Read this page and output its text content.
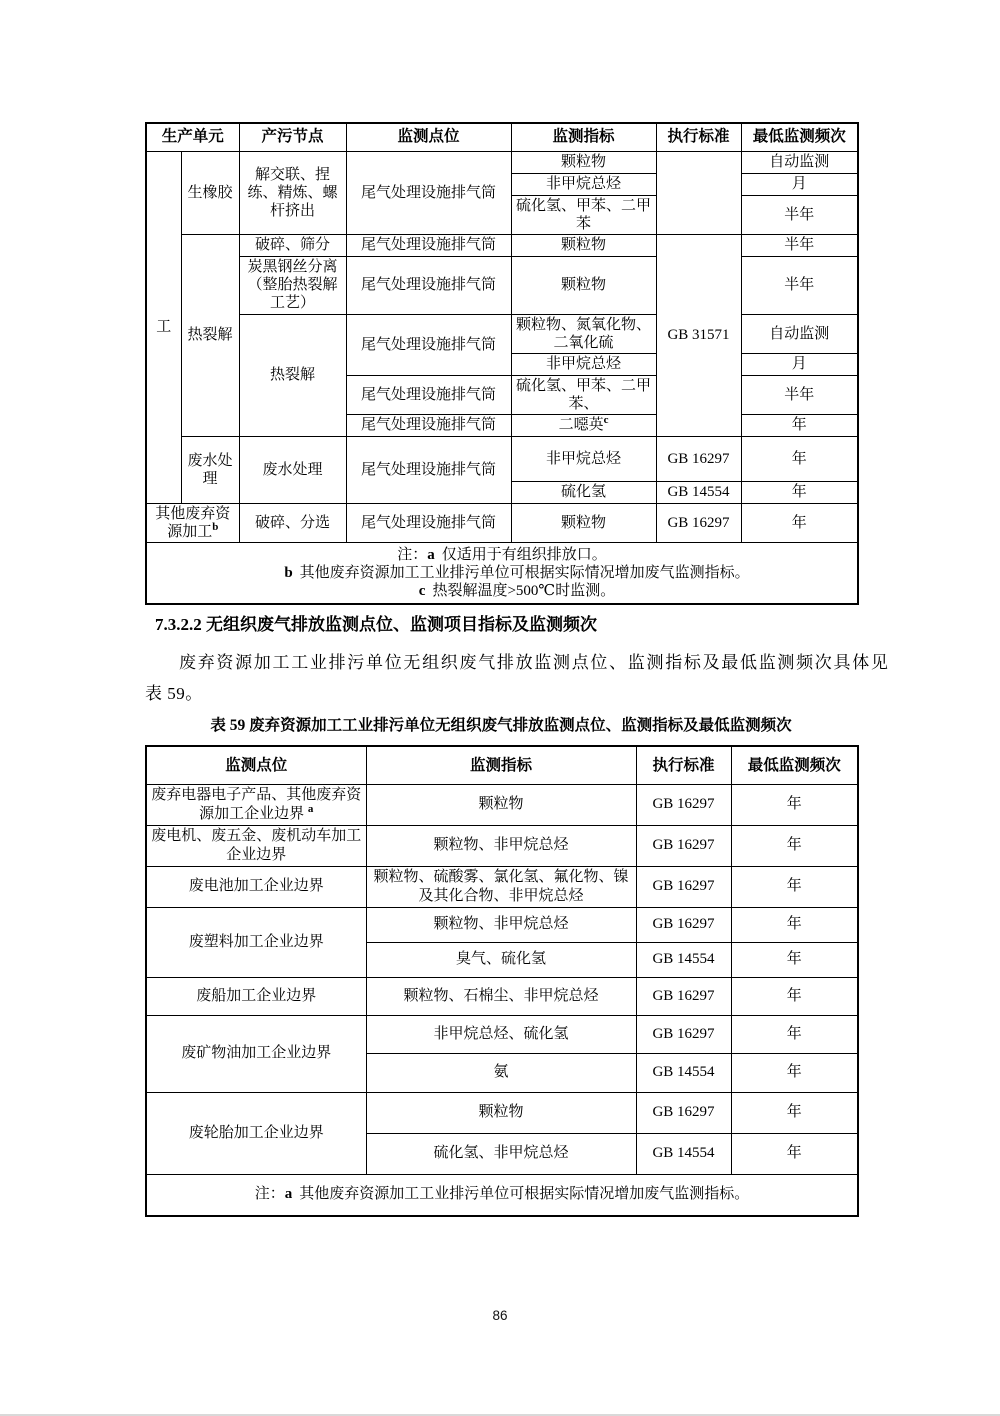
生产单元		产污节点	监测点位	监测指标	执行标准	最低监测频次
工	生橡胶	解交联、捏练、精炼、螺杆挤出	尾气处理设施排气筒	颗粒物		自动监测
				非甲烷总烃		月
				硫化氢、甲苯、二甲苯		半年
	热裂解	破碎、筛分	尾气处理设施排气筒	颗粒物	GB 31571	半年
		炭黑钢丝分离（整胎热裂解工艺）	尾气处理设施排气筒	颗粒物		半年
		热裂解	尾气处理设施排气筒	颗粒物、氮氧化物、二氧化硫		自动监测
				非甲烷总烃		月
			尾气处理设施排气筒	硫化氢、甲苯、二甲苯、		半年
			尾气处理设施排气筒	二噁英$^c$		年
	废水处理	废水处理	尾气处理设施排气筒	非甲烷总烃	GB 16297	年
				硫化氢	GB 14554	年
其他废弃资源加工$^b$		破碎、分选	尾气处理设施排气筒	颗粒物	GB 16297	年

注：a 仅适用于有组织排放口。
b 其他废弃资源加工工业排污单位可根据实际情况增加废气监测指标。
c 热裂解温度>500℃时监测。						
7.3.2.2 无组织废气排放监测点位、监测项目指标及监测频次
废弃资源加工工业排污单位无组织废气排放监测点位、监测指标及最低监测频次具体见
表 59。
表 59 废弃资源加工工业排污单位无组织废气排放监测点位、监测指标及最低监测频次
监测点位	监测指标	执行标准	最低监测频次
废弃电器电子产品、其他废弃资源加工企业边界 $^a$	颗粒物	GB 16297	年
废电机、废五金、废机动车加工企业边界	颗粒物、非甲烷总烃	GB 16297	年
废电池加工企业边界	颗粒物、硫酸雾、氯化氢、氟化物、镍及其化合物、非甲烷总烃	GB 16297	年
废塑料加工企业边界	颗粒物、非甲烷总烃	GB 16297	年
	臭气、硫化氢	GB 14554	年
废船加工企业边界	颗粒物、石棉尘、非甲烷总烃	GB 16297	年
废矿物油加工企业边界	非甲烷总烃、硫化氢	GB 16297	年
	氨	GB 14554	年
废轮胎加工企业边界	颗粒物	GB 16297	年
	硫化氢、非甲烷总烃	GB 14554	年

注：a 其他废弃资源加工工业排污单位可根据实际情况增加废气监测指标。			
86
